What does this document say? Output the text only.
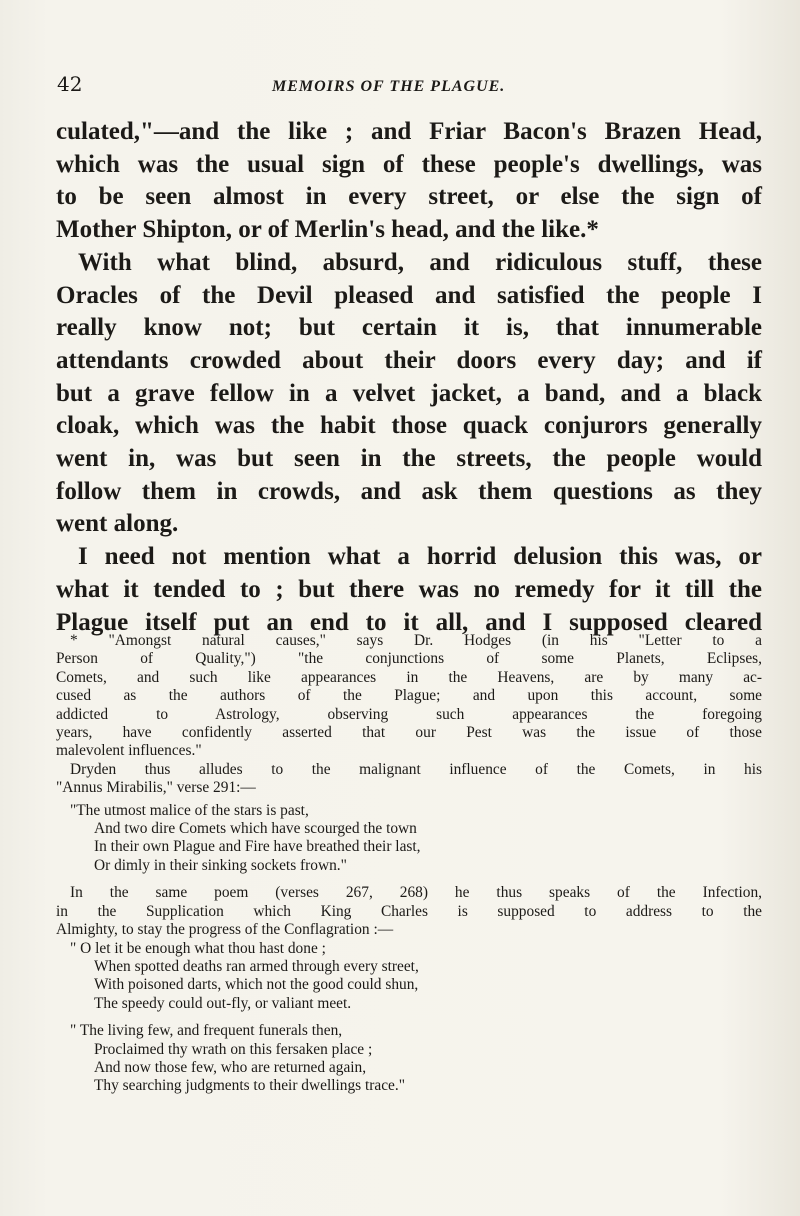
42	MEMOIRS OF THE PLAGUE.

culated,"—and the like ; and Friar Bacon's Brazen Head,
which was the usual sign of these people's dwellings, was
to be seen almost in every street, or else the sign of
Mother Shipton, or of Merlin's head, and the like.*

With what blind, absurd, and ridiculous stuff, these
Oracles of the Devil pleased and satisfied the people I
really know not; but certain it is, that innumerable
attendants crowded about their doors every day; and if
but a grave fellow in a velvet jacket, a band, and a black
cloak, which was the habit those quack conjurors generally
went in, was but seen in the streets, the people would
follow them in crowds, and ask them questions as they
went along.

I need not mention what a horrid delusion this was, or
what it tended to ; but there was no remedy for it till the
Plague itself put an end to it all, and I supposed cleared

* "Amongst natural causes," says Dr. Hodges (in his "Letter to a
Person of Quality,") "the conjunctions of some Planets, Eclipses,
Comets, and such like appearances in the Heavens, are by many ac-
cused as the authors of the Plague; and upon this account, some
addicted to Astrology, observing such appearances the foregoing
years, have confidently asserted that our Pest was the issue of those
malevolent influences."
Dryden thus alludes to the malignant influence of the Comets, in his
"Annus Mirabilis," verse 291:—
"The utmost malice of the stars is past,
And two dire Comets which have scourged the town
In their own Plague and Fire have breathed their last,
Or dimly in their sinking sockets frown."
In the same poem (verses 267, 268) he thus speaks of the Infection,
in the Supplication which King Charles is supposed to address to the
Almighty, to stay the progress of the Conflagration :—
" O let it be enough what thou hast done ;
When spotted deaths ran armed through every street,
With poisoned darts, which not the good could shun,
The speedy could out-fly, or valiant meet.
" The living few, and frequent funerals then,
Proclaimed thy wrath on this fersaken place ;
And now those few, who are returned again,
Thy searching judgments to their dwellings trace."
